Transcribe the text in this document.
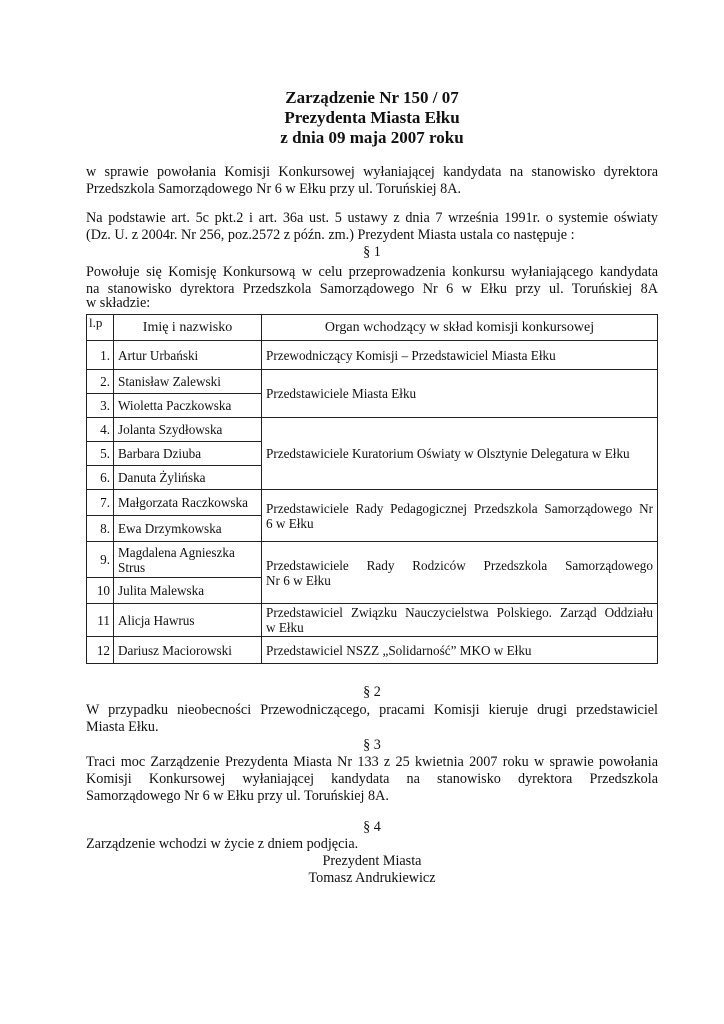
Zarządzenie Nr 150 / 07
Prezydenta Miasta Ełku
z dnia 09 maja 2007 roku
w sprawie powołania Komisji Konkursowej wyłaniającej kandydata na stanowisko dyrektora
Przedszkola Samorządowego Nr 6 w Ełku przy ul. Toruńskiej 8A.
Na podstawie art. 5c pkt.2 i art. 36a ust. 5 ustawy z dnia 7 września 1991r. o systemie oświaty
(Dz. U. z 2004r. Nr 256, poz.2572 z późn. zm.) Prezydent Miasta ustala co następuje :
§ 1
Powołuje się Komisję Konkursową w celu przeprowadzenia konkursu wyłaniającego kandydata
na stanowisko dyrektora Przedszkola Samorządowego Nr 6 w Ełku przy ul. Toruńskiej 8A
w składzie:
l.p	Imię i nazwisko	Organ wchodzący w skład komisji konkursowej
1.	Artur Urbański	Przewodniczący Komisji – Przedstawiciel Miasta Ełku
2.	Stanisław Zalewski	Przedstawiciele Miasta Ełku
3.	Wioletta Paczkowska	
4.	Jolanta Szydłowska	Przedstawiciele Kuratorium Oświaty w Olsztynie Delegatura w Ełku
5.	Barbara Dziuba	
6.	Danuta Żylińska	
7.	Małgorzata Raczkowska	Przedstawiciele Rady Pedagogicznej Przedszkola Samorządowego Nr
6 w Ełku

8.	Ewa Drzymkowska	
9.	Magdalena Agnieszka Strus	Przedstawiciele Rady Rodziców Przedszkola Samorządowego
Nr 6 w Ełku

10	Julita Malewska	
11	Alicja Hawrus	Przedstawiciel Związku Nauczycielstwa Polskiego. Zarząd Oddziału
w Ełku

12	Dariusz Maciorowski	Przedstawiciel NSZZ „Solidarność” MKO w Ełku
§ 2
W przypadku nieobecności Przewodniczącego, pracami Komisji kieruje drugi przedstawiciel
Miasta Ełku.
§ 3
Traci moc Zarządzenie Prezydenta Miasta Nr 133 z 25 kwietnia 2007 roku w sprawie powołania
Komisji Konkursowej wyłaniającej kandydata na stanowisko dyrektora Przedszkola
Samorządowego Nr 6 w Ełku przy ul. Toruńskiej 8A.
§ 4
Zarządzenie wchodzi w życie z dniem podjęcia.
Prezydent Miasta
Tomasz Andrukiewicz
